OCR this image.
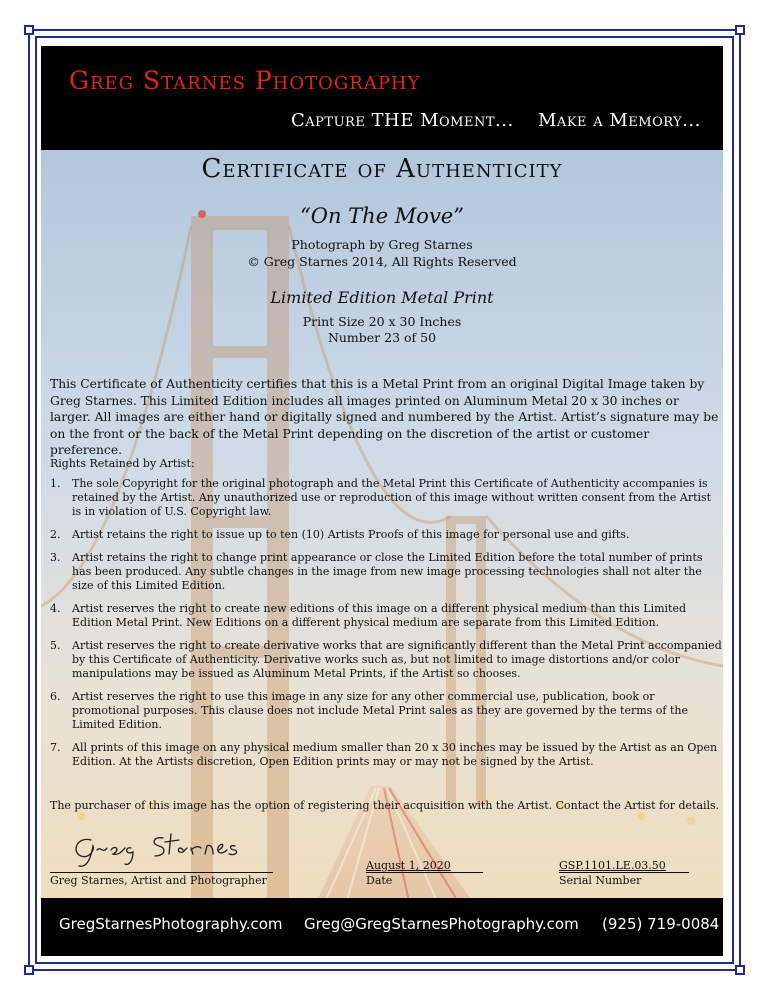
Greg Starnes Photography
Capture THE Moment... Make a Memory...
Certificate of Authenticity
“On The Move”
Photograph by Greg Starnes
© Greg Starnes 2014, All Rights Reserved
Limited Edition Metal Print
Print Size 20 x 30 Inches
Number 23 of 50
This Certificate of Authenticity certifies that this is a Metal Print from an original Digital Image taken by Greg Starnes. This Limited Edition includes all images printed on Aluminum Metal 20 x 30 inches or larger. All images are either hand or digitally signed and numbered by the Artist. Artist’s signature may be on the front or the back of the Metal Print depending on the discretion of the artist or customer preference.
Rights Retained by Artist:
1. The sole Copyright for the original photograph and the Metal Print this Certificate of Authenticity accompanies is retained by the Artist. Any unauthorized use or reproduction of this image without written consent from the Artist is in violation of U.S. Copyright law.
2. Artist retains the right to issue up to ten (10) Artists Proofs of this image for personal use and gifts.
3. Artist retains the right to change print appearance or close the Limited Edition before the total number of prints has been produced. Any subtle changes in the image from new image processing technologies shall not alter the size of this Limited Edition.
4. Artist reserves the right to create new editions of this image on a different physical medium than this Limited Edition Metal Print. New Editions on a different physical medium are separate from this Limited Edition.
5. Artist reserves the right to create derivative works that are significantly different than the Metal Print accompanied by this Certificate of Authenticity. Derivative works such as, but not limited to image distortions and/or color manipulations may be issued as Aluminum Metal Prints, if the Artist so chooses.
6. Artist reserves the right to use this image in any size for any other commercial use, publication, book or promotional purposes. This clause does not include Metal Print sales as they are governed by the terms of the Limited Edition.
7. All prints of this image on any physical medium smaller than 20 x 30 inches may be issued by the Artist as an Open Edition. At the Artists discretion, Open Edition prints may or may not be signed by the Artist.
The purchaser of this image has the option of registering their acquisition with the Artist. Contact the Artist for details.
Greg Starnes, Artist and Photographer
August 1, 2020
Date
GSP.1101.LE.03.50
Serial Number
GregStarnesPhotography.com Greg@GregStarnesPhotography.com (925) 719-0084
